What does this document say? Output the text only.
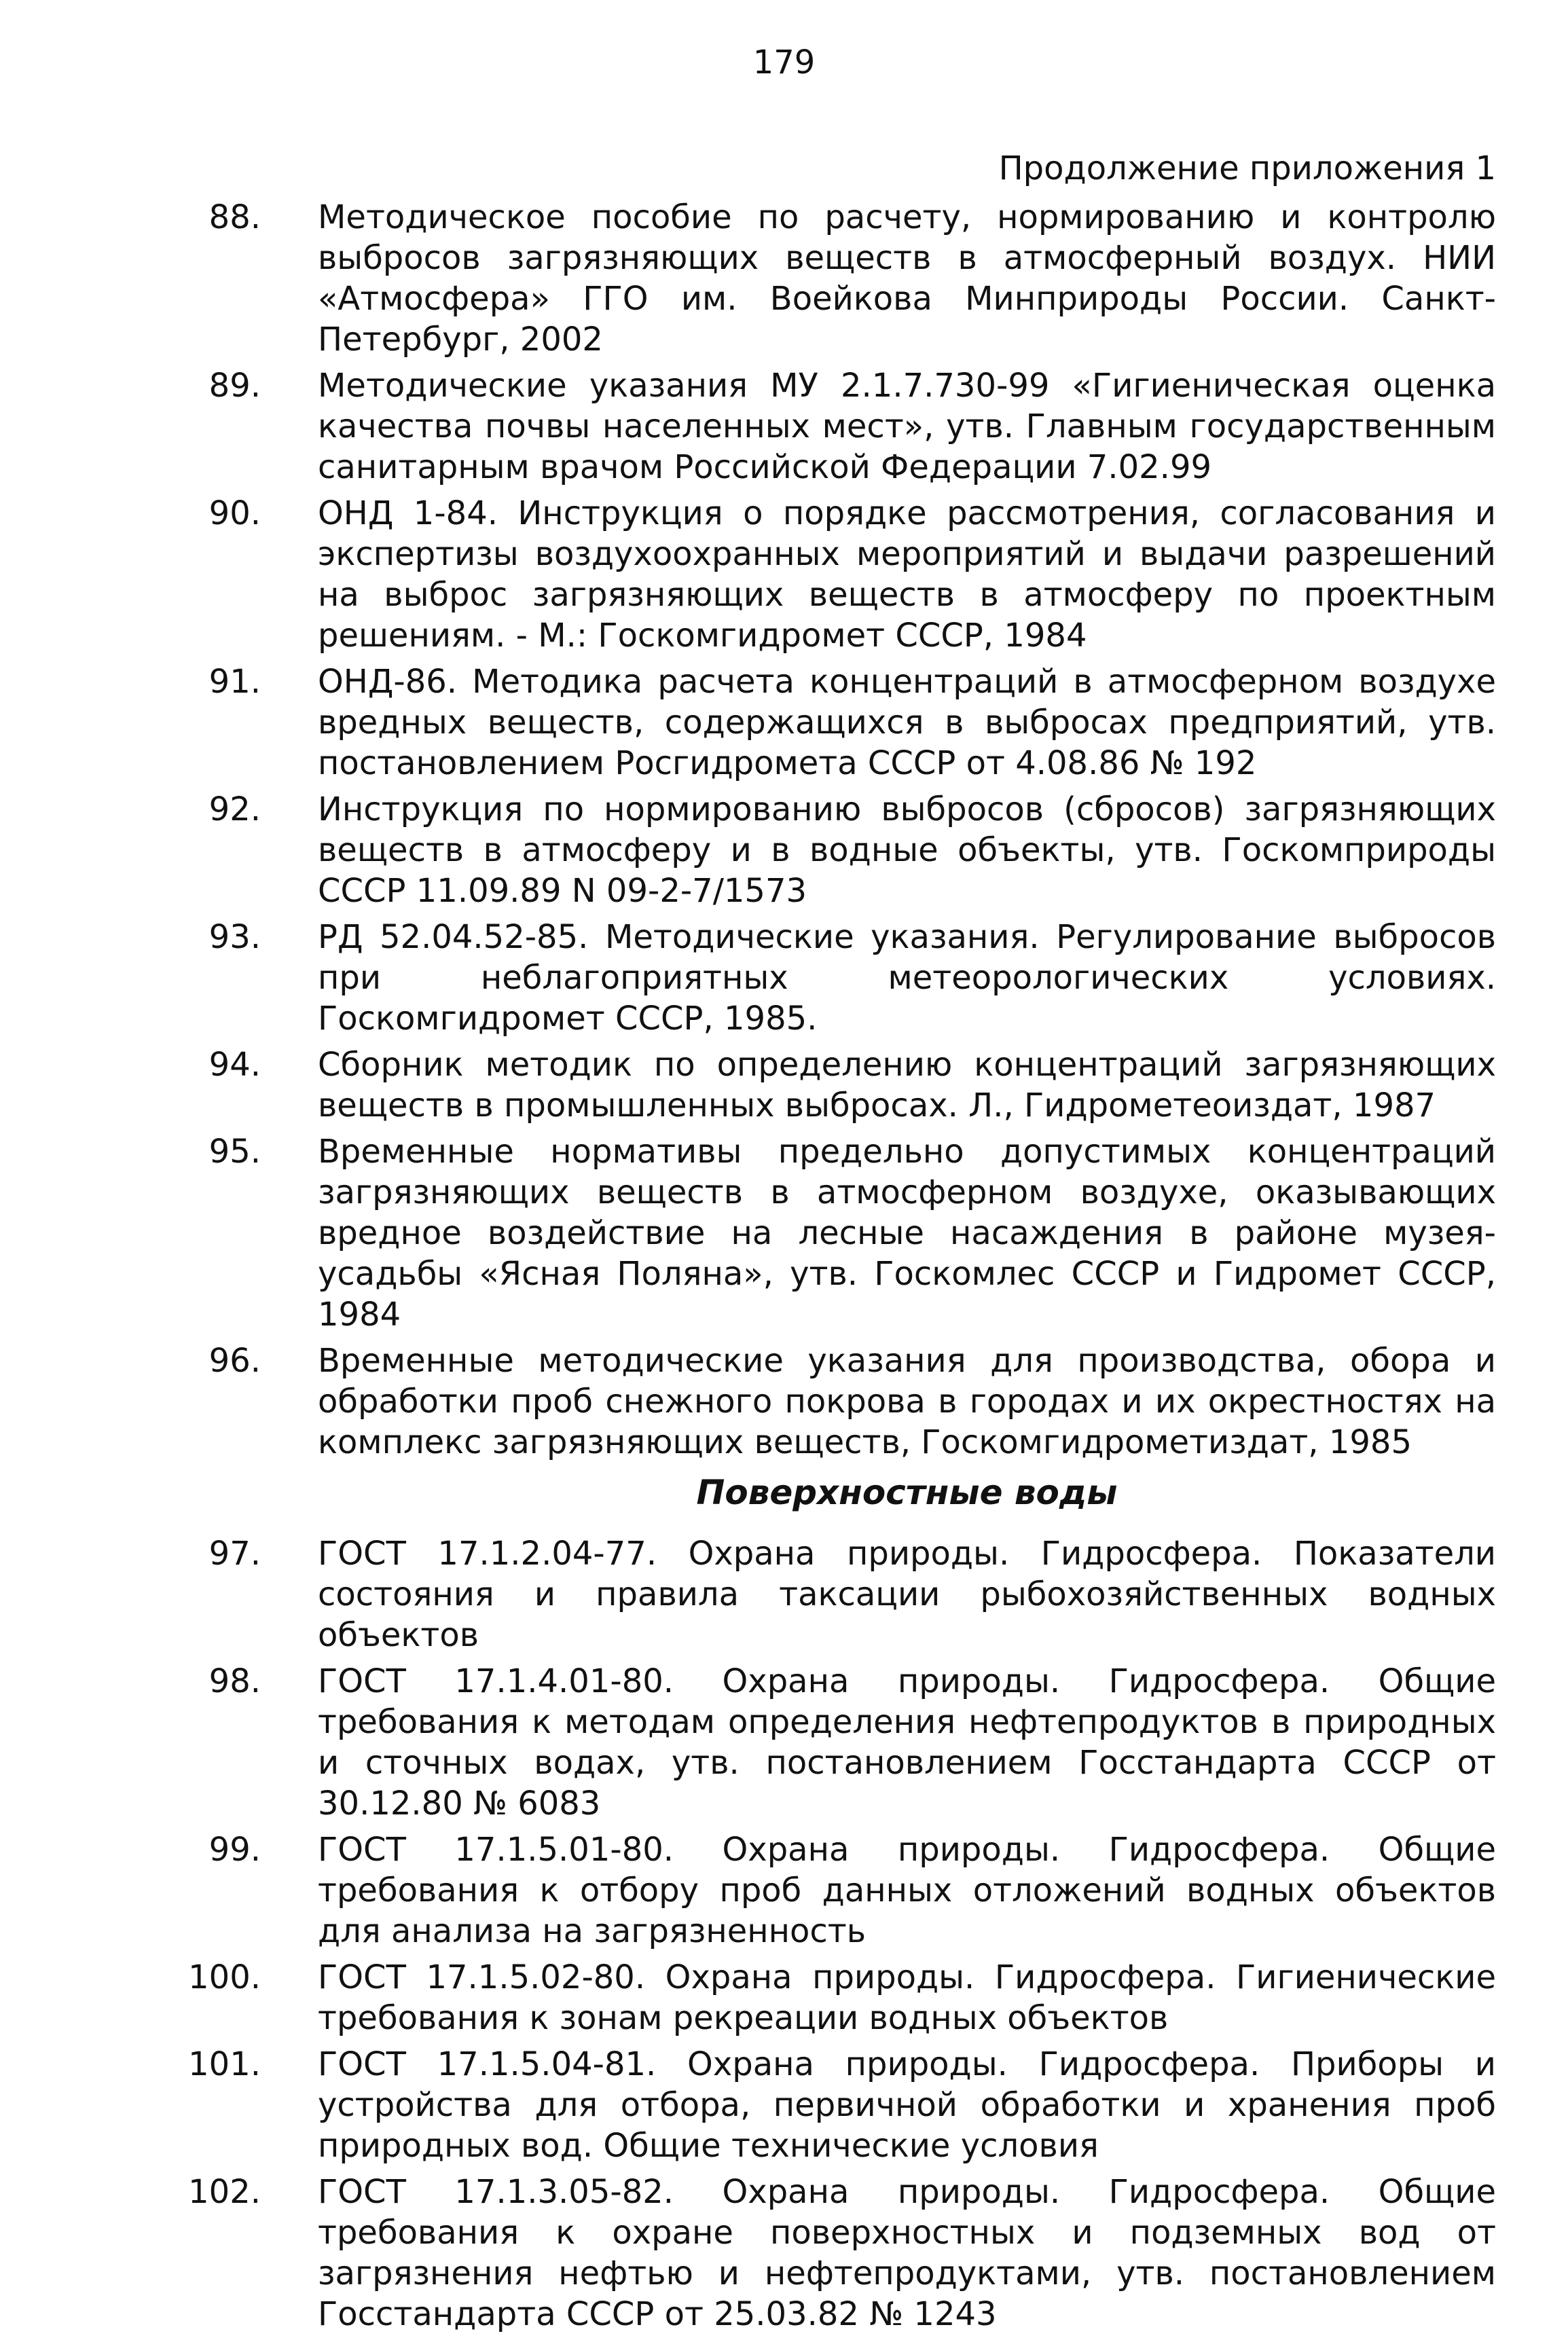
179
Продолжение приложения 1
88. Методическое пособие по расчету, нормированию и контролю выбросов загрязняющих веществ в атмосферный воздух. НИИ «Атмосфера» ГГО им. Воейкова Минприроды России. Санкт-Петербург, 2002
89. Методические указания МУ 2.1.7.730-99 «Гигиеническая оценка качества почвы населенных мест», утв. Главным государственным санитарным врачом Российской Федерации 7.02.99
90. ОНД 1-84. Инструкция о порядке рассмотрения, согласования и экспертизы воздухоохранных мероприятий и выдачи разрешений на выброс загрязняющих веществ в атмосферу по проектным решениям. - М.: Госкомгидромет СССР, 1984
91. ОНД-86. Методика расчета концентраций в атмосферном воздухе вредных веществ, содержащихся в выбросах предприятий, утв. постановлением Росгидромета СССР от 4.08.86 № 192
92. Инструкция по нормированию выбросов (сбросов) загрязняющих веществ в атмосферу и в водные объекты, утв. Госкомприроды СССР 11.09.89 N 09-2-7/1573
93. РД 52.04.52-85. Методические указания. Регулирование выбросов при неблагоприятных метеорологических условиях. Госкомгидромет СССР, 1985.
94. Сборник методик по определению концентраций загрязняющих веществ в промышленных выбросах. Л., Гидрометеоиздат, 1987
95. Временные нормативы предельно допустимых концентраций загрязняющих веществ в атмосферном воздухе, оказывающих вредное воздействие на лесные насаждения в районе музея-усадьбы «Ясная Поляна», утв. Госкомлес СССР и Гидромет СССР, 1984
96. Временные методические указания для производства, обора и обработки проб снежного покрова в городах и их окрестностях на комплекс загрязняющих веществ, Госкомгидрометиздат, 1985
Поверхностные воды
97. ГОСТ 17.1.2.04-77. Охрана природы. Гидросфера. Показатели состояния и правила таксации рыбохозяйственных водных объектов
98. ГОСТ 17.1.4.01-80. Охрана природы. Гидросфера. Общие требования к методам определения нефтепродуктов в природных и сточных водах, утв. постановлением Госстандарта СССР от 30.12.80 № 6083
99. ГОСТ 17.1.5.01-80. Охрана природы. Гидросфера. Общие требования к отбору проб данных отложений водных объектов для анализа на загрязненность
100. ГОСТ 17.1.5.02-80. Охрана природы. Гидросфера. Гигиенические требования к зонам рекреации водных объектов
101. ГОСТ 17.1.5.04-81. Охрана природы. Гидросфера. Приборы и устройства для отбора, первичной обработки и хранения проб природных вод. Общие технические условия
102. ГОСТ 17.1.3.05-82. Охрана природы. Гидросфера. Общие требования к охране поверхностных и подземных вод от загрязнения нефтью и нефтепродуктами, утв. постановлением Госстандарта СССР от 25.03.82 № 1243
